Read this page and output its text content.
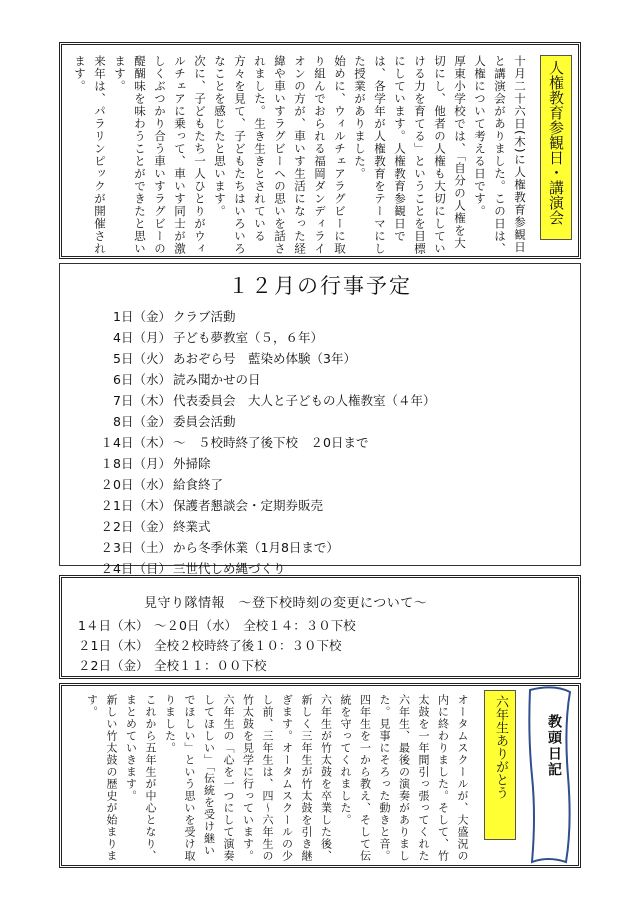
人権教育参観日・講演会

十月二十六日(木)に人権教育参観日と講演会がありました。この日は、人権について考える日です。

厚東小学校では、「自分の人権を大切にし、他者の人権も大切にしていける力を育てる」ということを目標にしています。人権教育参観日では、各学年が人権教育をテーマにした授業がありました。

始めに、ウィルチェアラグビーに取り組んでおられる福岡ダンディライオンの方が、車いす生活になった経緯や車いすラグビーへの思いを話されました。生き生きとされている方々を見て、子どもたちはいろいろなことを感じたと思います。

次に、子どもたち一人ひとりがウィルチェアに乗って、車いす同士が激しくぶつかり合う車いすラグビーの醍醐味を味わうことができたと思います。

来年は、パラリンピックが開催されます。

１２月の行事予定
1日（金） クラブ活動
4日（月） 子ども夢教室（５，６年）
5日（火） あおぞら号　藍染め体験（3年）
6日（水） 読み聞かせの日
7日（木） 代表委員会　大人と子どもの人権教室（４年）
8日（金） 委員会活動
１4日（木） ～　５校時終了後下校　２0日まで
１8日（月） 外掃除
２0日（水） 給食終了
２1日（木） 保護者懇談会・定期券販売
２2日（金） 終業式
２3日（土） から冬季休業（1月8日まで）
２4日（日） 三世代しめ縄づくり
見守り隊情報　～登下校時刻の変更について～
1４日（木） ～２0日（水）　全校１４：３０下校
２1日（木） 全校２校時終了後１０：３０下校
２2日（金） 全校１１：００下校
教頭日記
六年生ありがとう

オータムスクールが、大盛況の内に終わりました。そして、竹太鼓を一年間引っ張ってくれた六年生、最後の演奏がありました。見事にそろった動きと音。四年生を一から教え、そして伝統を守ってくれました。

六年生が竹太鼓を卒業した後、新しく三年生が竹太鼓を引き継ぎます。オータムスクールの少し前、三年生は、四～六年生の竹太鼓を見学に行っています。六年生の「心を一つにして演奏してほしい」「伝統を受け継いでほしい」という思いを受け取りました。

これから五年生が中心となり、まとめていきます。

新しい竹太鼓の歴史が始まります。
